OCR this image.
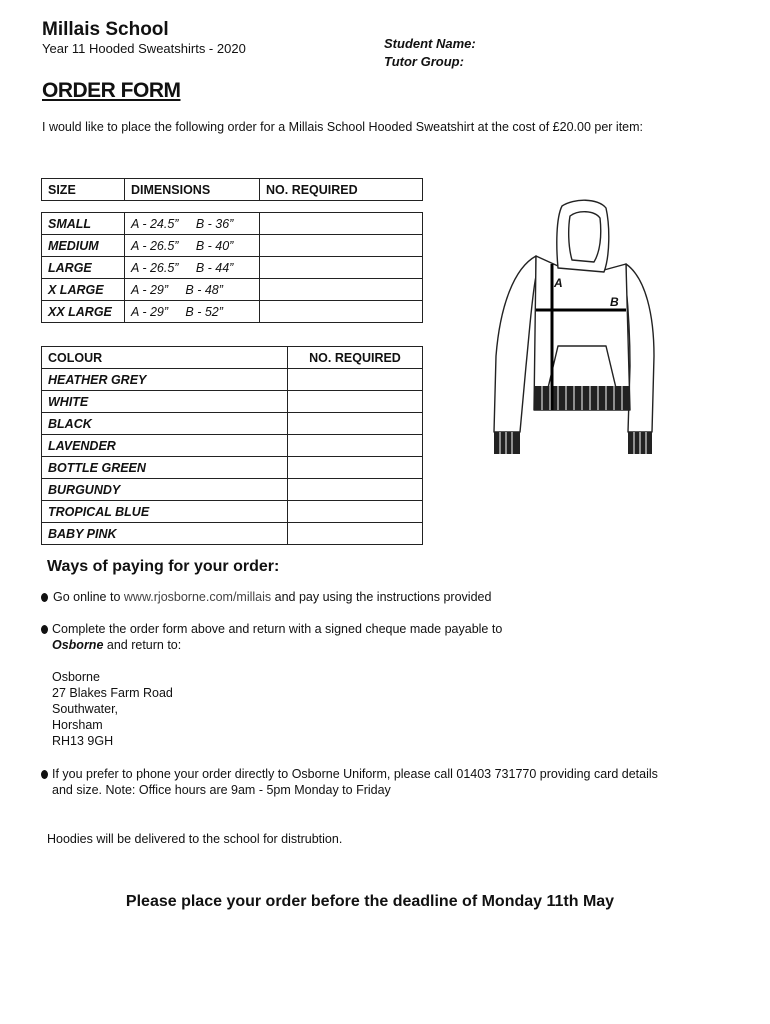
Millais School
Year 11 Hooded Sweatshirts - 2020	Student Name:
Tutor Group:
ORDER FORM
I would like to place the following order for a Millais School Hooded Sweatshirt at the cost of £20.00 per item:
SIZE	DIMENSIONS	NO. REQUIRED
SMALL	A - 24.5”     B - 36”	
MEDIUM	A - 26.5”     B - 40”	
LARGE	A - 26.5”     B - 44”	
X LARGE	A - 29”     B - 48”	
XX LARGE	A - 29”     B - 52”	
COLOUR	NO. REQUIRED
HEATHER GREY	
WHITE	
BLACK	
LAVENDER	
BOTTLE GREEN	
BURGUNDY	
TROPICAL BLUE	
BABY PINK	
A
B
Ways of paying for your order:
Go online to www.rjosborne.com/millais and pay using the instructions provided
Complete the order form above and return with a signed cheque made payable to
Osborne and return to:
Osborne
27 Blakes Farm Road
Southwater,
Horsham
RH13 9GH
If you prefer to phone your order directly to Osborne Uniform, please call 01403 731770 providing card details
and size. Note: Office hours are 9am - 5pm Monday to Friday
Hoodies will be delivered to the school for distrubtion.
Please place your order before the deadline of Monday 11th May
